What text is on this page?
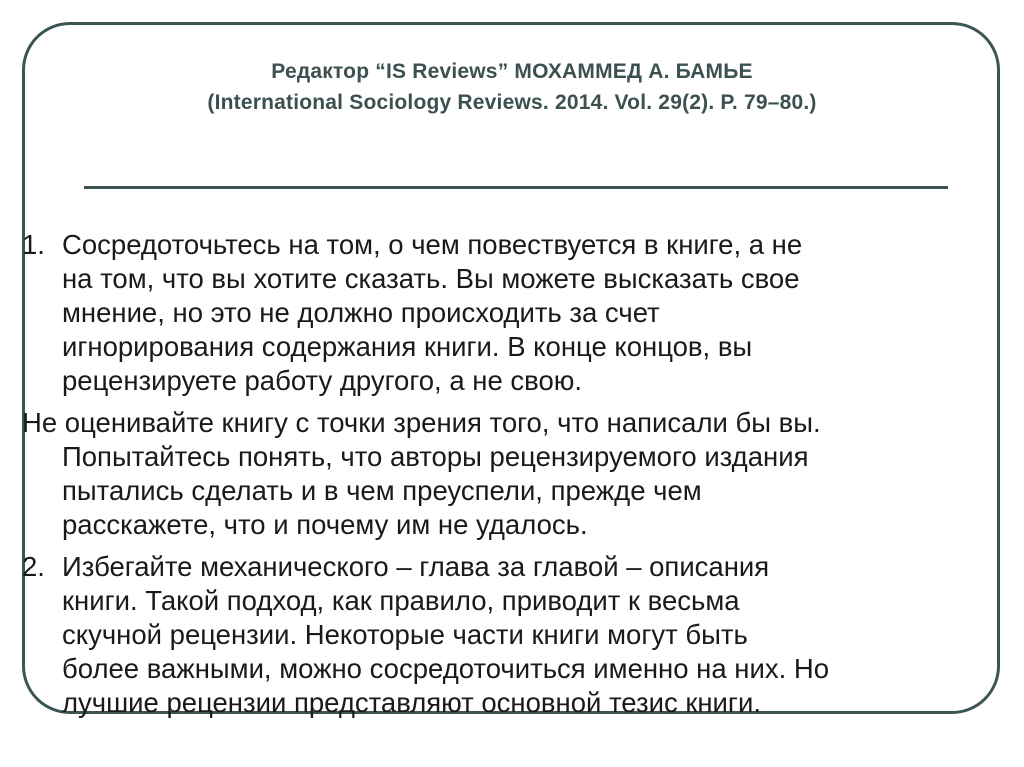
Редактор “IS Reviews” МОХАММЕД А. БАМЬЕ
(International Sociology Reviews. 2014. Vol. 29(2). P. 79–80.)
1. Сосредоточьтесь на том, о чем повествуется в книге, а не
на том, что вы хотите сказать. Вы можете высказать свое
мнение, но это не должно происходить за счет
игнорирования содержания книги. В конце концов, вы
рецензируете работу другого, а не свою.
Не оценивайте книгу с точки зрения того, что написали бы вы.
Попытайтесь понять, что авторы рецензируемого издания
пытались сделать и в чем преуспели, прежде чем
расскажете, что и почему им не удалось.
2. Избегайте механического – глава за главой – описания
книги. Такой подход, как правило, приводит к весьма
скучной рецензии. Некоторые части книги могут быть
более важными, можно сосредоточиться именно на них. Но
лучшие рецензии представляют основной тезис книги.
